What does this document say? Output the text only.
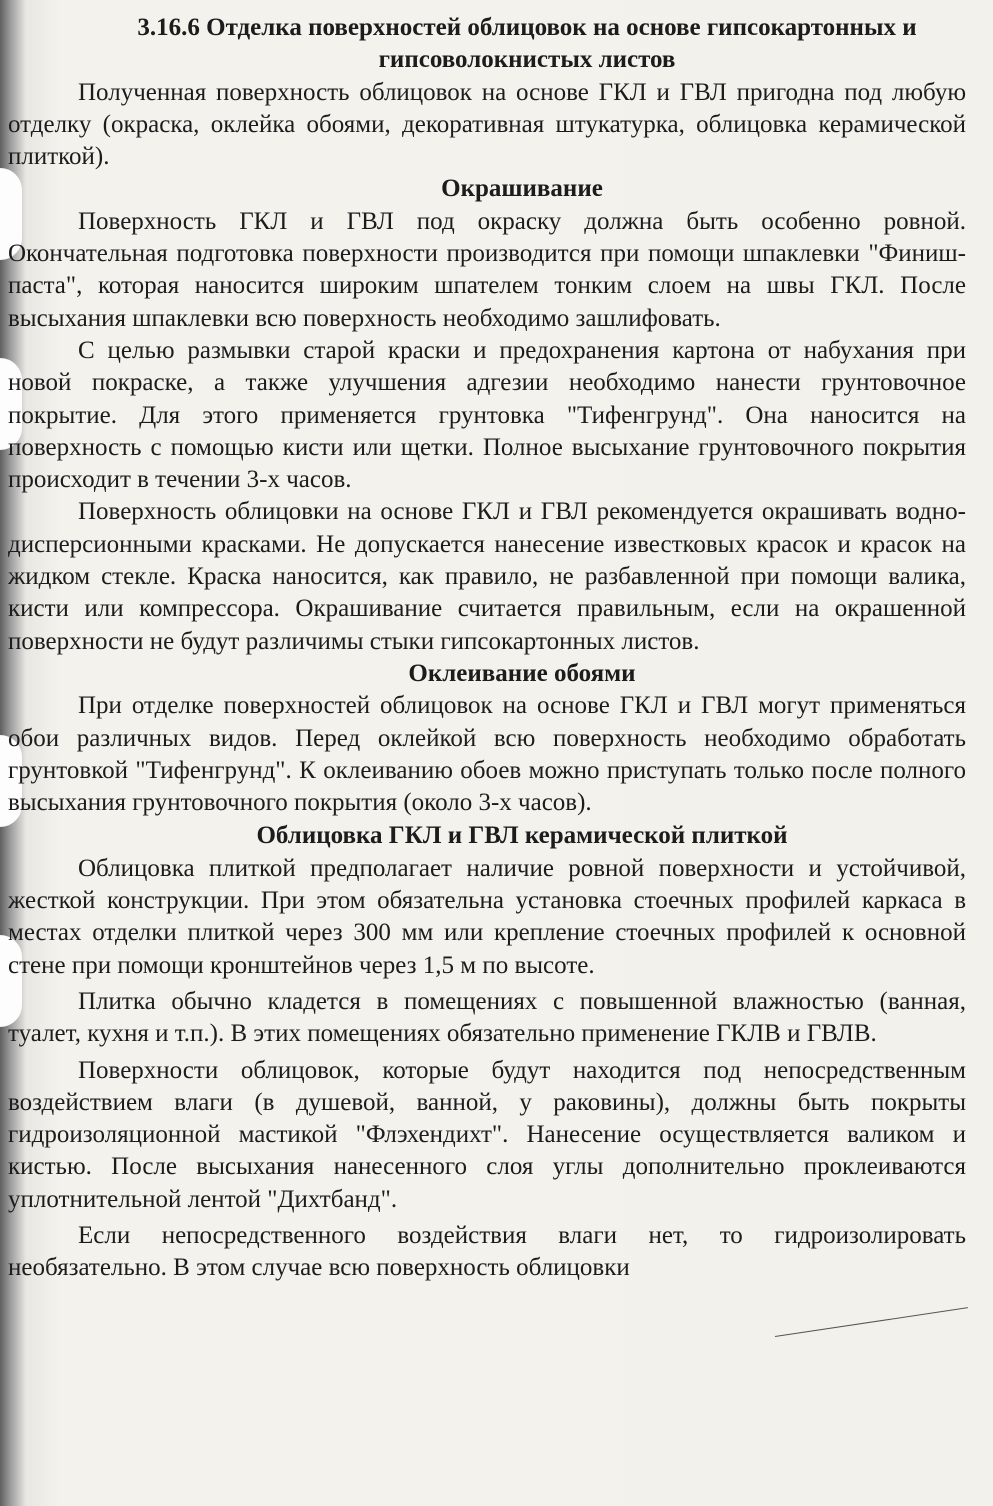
3.16.6 Отделка поверхностей облицовок на основе гипсокартонных и гипсоволокнистых листов

Полученная поверхность облицовок на основе ГКЛ и ГВЛ пригодна под любую отделку (окраска, оклейка обоями, декоративная штукатурка, облицовка керамической плиткой).

Окрашивание

Поверхность ГКЛ и ГВЛ под окраску должна быть особенно ровной. Окончательная подготовка поверхности производится при помощи шпаклевки "Финиш-паста", которая наносится широким шпателем тонким слоем на швы ГКЛ. После высыхания шпаклевки всю поверхность необходимо зашлифовать.

С целью размывки старой краски и предохранения картона от набухания при новой покраске, а также улучшения адгезии необходимо нанести грунтовочное покрытие. Для этого применяется грунтовка "Тифенгрунд". Она наносится на поверхность с помощью кисти или щетки. Полное высыхание грунтовочного покрытия происходит в течении 3-х часов.

Поверхность облицовки на основе ГКЛ и ГВЛ рекомендуется окрашивать водно-дисперсионными красками. Не допускается нанесение известковых красок и красок на жидком стекле. Краска наносится, как правило, не разбавленной при помощи валика, кисти или компрессора. Окрашивание считается правильным, если на окрашенной поверхности не будут различимы стыки гипсокартонных листов.

Оклеивание обоями

При отделке поверхностей облицовок на основе ГКЛ и ГВЛ могут применяться обои различных видов. Перед оклейкой всю поверхность необходимо обработать грунтовкой "Тифенгрунд". К оклеиванию обоев можно приступать только после полного высыхания грунтовочного покрытия (около 3-х часов).

Облицовка ГКЛ и ГВЛ керамической плиткой

Облицовка плиткой предполагает наличие ровной поверхности и устойчивой, жесткой конструкции. При этом обязательна установка стоечных профилей каркаса в местах отделки плиткой через 300 мм или крепление стоечных профилей к основной стене при помощи кронштейнов через 1,5 м по высоте.

Плитка обычно кладется в помещениях с повышенной влажностью (ванная, туалет, кухня и т.п.). В этих помещениях обязательно применение ГКЛВ и ГВЛВ.

Поверхности облицовок, которые будут находится под непосредственным воздействием влаги (в душевой, ванной, у раковины), должны быть покрыты гидроизоляционной мастикой "Флэхендихт". Нанесение осуществляется валиком и кистью. После высыхания нанесенного слоя углы дополнительно проклеиваются уплотнительной лентой "Дихтбанд".

Если непосредственного воздействия влаги нет, то гидроизолировать необязательно. В этом случае всю поверхность облицовки
